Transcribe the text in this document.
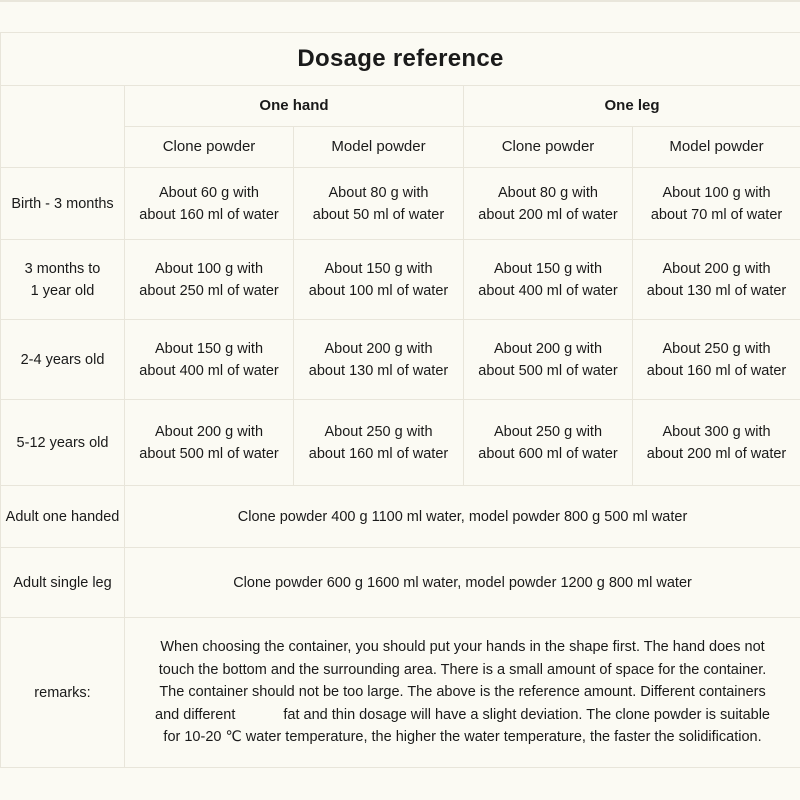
Dosage reference				
	One hand		One leg	
	Clone powder	Model powder	Clone powder	Model powder

Birth - 3 months	About 60 g with
about 160 ml of water	About 80 g with
about 50 ml of water	About 80 g with
about 200 ml of water	About 100 g with
about 70 ml of water

3 months to
1 year old	About 100 g with
about 250 ml of water	About 150 g with
about 100 ml of water	About 150 g with
about 400 ml of water	About 200 g with
about 130 ml of water

2-4 years old	About 150 g with
about 400 ml of water	About 200 g with
about 130 ml of water	About 200 g with
about 500 ml of water	About 250 g with
about 160 ml of water

5-12 years old	About 200 g with
about 500 ml of water	About 250 g with
about 160 ml of water	About 250 g with
about 600 ml of water	About 300 g with
about 200 ml of water

Adult one handed	Clone powder 400 g 1100 ml water, model powder 800 g 500 ml water			
Adult single leg	Clone powder 600 g 1600 ml water, model powder 1200 g 800 ml water			
remarks:	When choosing the container, you should put your hands in the shape first. The hand does not
touch the bottom and the surrounding area. There is a small amount of space for the container.
The container should not be too large. The above is the reference amount. Different containers
and different fat and thin dosage will have a slight deviation. The clone powder is suitable
for 10-20 ℃ water temperature, the higher the water temperature, the faster the solidification.			
